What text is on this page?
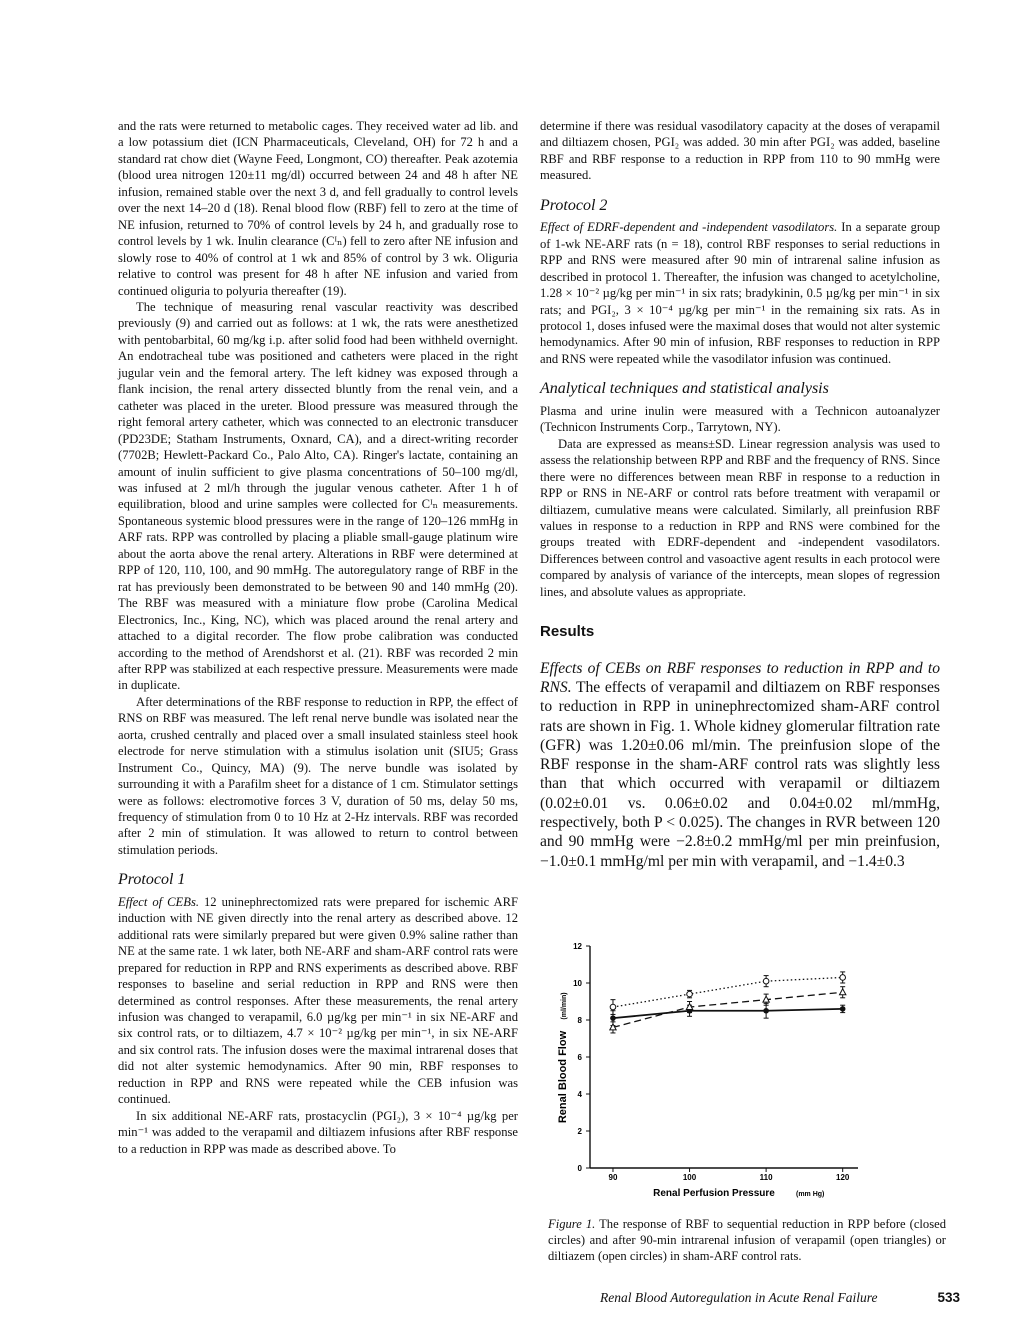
and the rats were returned to metabolic cages. They received water ad lib. and a low potassium diet (ICN Pharmaceuticals, Cleveland, OH) for 72 h and a standard rat chow diet (Wayne Feed, Longmont, CO) thereafter. Peak azotemia (blood urea nitrogen 120±11 mg/dl) occurred between 24 and 48 h after NE infusion, remained stable over the next 3 d, and fell gradually to control levels over the next 14–20 d (18). Renal blood flow (RBF) fell to zero at the time of NE infusion, returned to 70% of control levels by 24 h, and gradually rose to control levels by 1 wk. Inulin clearance (Cᴵₙ) fell to zero after NE infusion and slowly rose to 40% of control at 1 wk and 85% of control by 3 wk. Oliguria relative to control was present for 48 h after NE infusion and varied from continued oliguria to polyuria thereafter (19).

The technique of measuring renal vascular reactivity was described previously (9) and carried out as follows: at 1 wk, the rats were anesthetized with pentobarbital, 60 mg/kg i.p. after solid food had been withheld overnight. An endotracheal tube was positioned and catheters were placed in the right jugular vein and the femoral artery. The left kidney was exposed through a flank incision, the renal artery dissected bluntly from the renal vein, and a catheter was placed in the ureter. Blood pressure was measured through the right femoral artery catheter, which was connected to an electronic transducer (PD23DE; Statham Instruments, Oxnard, CA), and a direct-writing recorder (7702B; Hewlett-Packard Co., Palo Alto, CA). Ringer's lactate, containing an amount of inulin sufficient to give plasma concentrations of 50–100 mg/dl, was infused at 2 ml/h through the jugular venous catheter. After 1 h of equilibration, blood and urine samples were collected for Cᴵₙ measurements. Spontaneous systemic blood pressures were in the range of 120–126 mmHg in ARF rats. RPP was controlled by placing a pliable small-gauge platinum wire about the aorta above the renal artery. Alterations in RBF were determined at RPP of 120, 110, 100, and 90 mmHg. The autoregulatory range of RBF in the rat has previously been demonstrated to be between 90 and 140 mmHg (20). The RBF was measured with a miniature flow probe (Carolina Medical Electronics, Inc., King, NC), which was placed around the renal artery and attached to a digital recorder. The flow probe calibration was conducted according to the method of Arendshorst et al. (21). RBF was recorded 2 min after RPP was stabilized at each respective pressure. Measurements were made in duplicate.

After determinations of the RBF response to reduction in RPP, the effect of RNS on RBF was measured. The left renal nerve bundle was isolated near the aorta, crushed centrally and placed over a small insulated stainless steel hook electrode for nerve stimulation with a stimulus isolation unit (SIU5; Grass Instrument Co., Quincy, MA) (9). The nerve bundle was isolated by surrounding it with a Parafilm sheet for a distance of 1 cm. Stimulator settings were as follows: electromotive forces 3 V, duration of 50 ms, delay 50 ms, frequency of stimulation from 0 to 10 Hz at 2-Hz intervals. RBF was recorded after 2 min of stimulation. It was allowed to return to control between stimulation periods.

Protocol 1

Effect of CEBs. 12 uninephrectomized rats were prepared for ischemic ARF induction with NE given directly into the renal artery as described above. 12 additional rats were similarly prepared but were given 0.9% saline rather than NE at the same rate. 1 wk later, both NE-ARF and sham-ARF control rats were prepared for reduction in RPP and RNS experiments as described above. RBF responses to baseline and serial reduction in RPP and RNS were then determined as control responses. After these measurements, the renal artery infusion was changed to verapamil, 6.0 µg/kg per min⁻¹ in six NE-ARF and six control rats, or to diltiazem, 4.7 × 10⁻² µg/kg per min⁻¹, in six NE-ARF and six control rats. The infusion doses were the maximal intrarenal doses that did not alter systemic hemodynamics. After 90 min, RBF responses to reduction in RPP and RNS were repeated while the CEB infusion was continued.

In six additional NE-ARF rats, prostacyclin (PGI₂), 3 × 10⁻⁴ µg/kg per min⁻¹ was added to the verapamil and diltiazem infusions after RBF response to a reduction in RPP was made as described above. To

determine if there was residual vasodilatory capacity at the doses of verapamil and diltiazem chosen, PGI₂ was added. 30 min after PGI₂ was added, baseline RBF and RBF response to a reduction in RPP from 110 to 90 mmHg were measured.

Protocol 2

Effect of EDRF-dependent and -independent vasodilators. In a separate group of 1-wk NE-ARF rats (n = 18), control RBF responses to serial reductions in RPP and RNS were measured after 90 min of intrarenal saline infusion as described in protocol 1. Thereafter, the infusion was changed to acetylcholine, 1.28 × 10⁻² µg/kg per min⁻¹ in six rats; bradykinin, 0.5 µg/kg per min⁻¹ in six rats; and PGI₂, 3 × 10⁻⁴ µg/kg per min⁻¹ in the remaining six rats. As in protocol 1, doses infused were the maximal doses that would not alter systemic hemodynamics. After 90 min of infusion, RBF responses to reduction in RPP and RNS were repeated while the vasodilator infusion was continued.

Analytical techniques and statistical analysis

Plasma and urine inulin were measured with a Technicon autoanalyzer (Technicon Instruments Corp., Tarrytown, NY).

Data are expressed as means±SD. Linear regression analysis was used to assess the relationship between RPP and RBF and the frequency of RNS. Since there were no differences between mean RBF in response to a reduction in RPP or RNS in NE-ARF or control rats before treatment with verapamil or diltiazem, cumulative means were calculated. Similarly, all preinfusion RBF values in response to a reduction in RPP and RNS were combined for the groups treated with EDRF-dependent and -independent vasodilators. Differences between control and vasoactive agent results in each protocol were compared by analysis of variance of the intercepts, mean slopes of regression lines, and absolute values as appropriate.

Results

Effects of CEBs on RBF responses to reduction in RPP and to RNS. The effects of verapamil and diltiazem on RBF responses to reduction in RPP in uninephrectomized sham-ARF control rats are shown in Fig. 1. Whole kidney glomerular filtration rate (GFR) was 1.20±0.06 ml/min. The preinfusion slope of the RBF response in the sham-ARF control rats was slightly less than that which occurred with verapamil or diltiazem (0.02±0.01 vs. 0.06±0.02 and 0.04±0.02 ml/mmHg, respectively, both P < 0.025). The changes in RVR between 120 and 90 mmHg were −2.8±0.2 mmHg/ml per min preinfusion, −1.0±0.1 mmHg/ml per min with verapamil, and −1.4±0.3

0
2
4
6
8
10
12
90	100	110	120
Renal Perfusion Pressure	(mm Hg)
Renal Blood Flow
(ml/min)
Figure 1. The response of RBF to sequential reduction in RPP before (closed circles) and after 90-min intrarenal infusion of verapamil (open triangles) or diltiazem (open circles) in sham-ARF control rats.
Renal Blood Autoregulation in Acute Renal Failure	533
